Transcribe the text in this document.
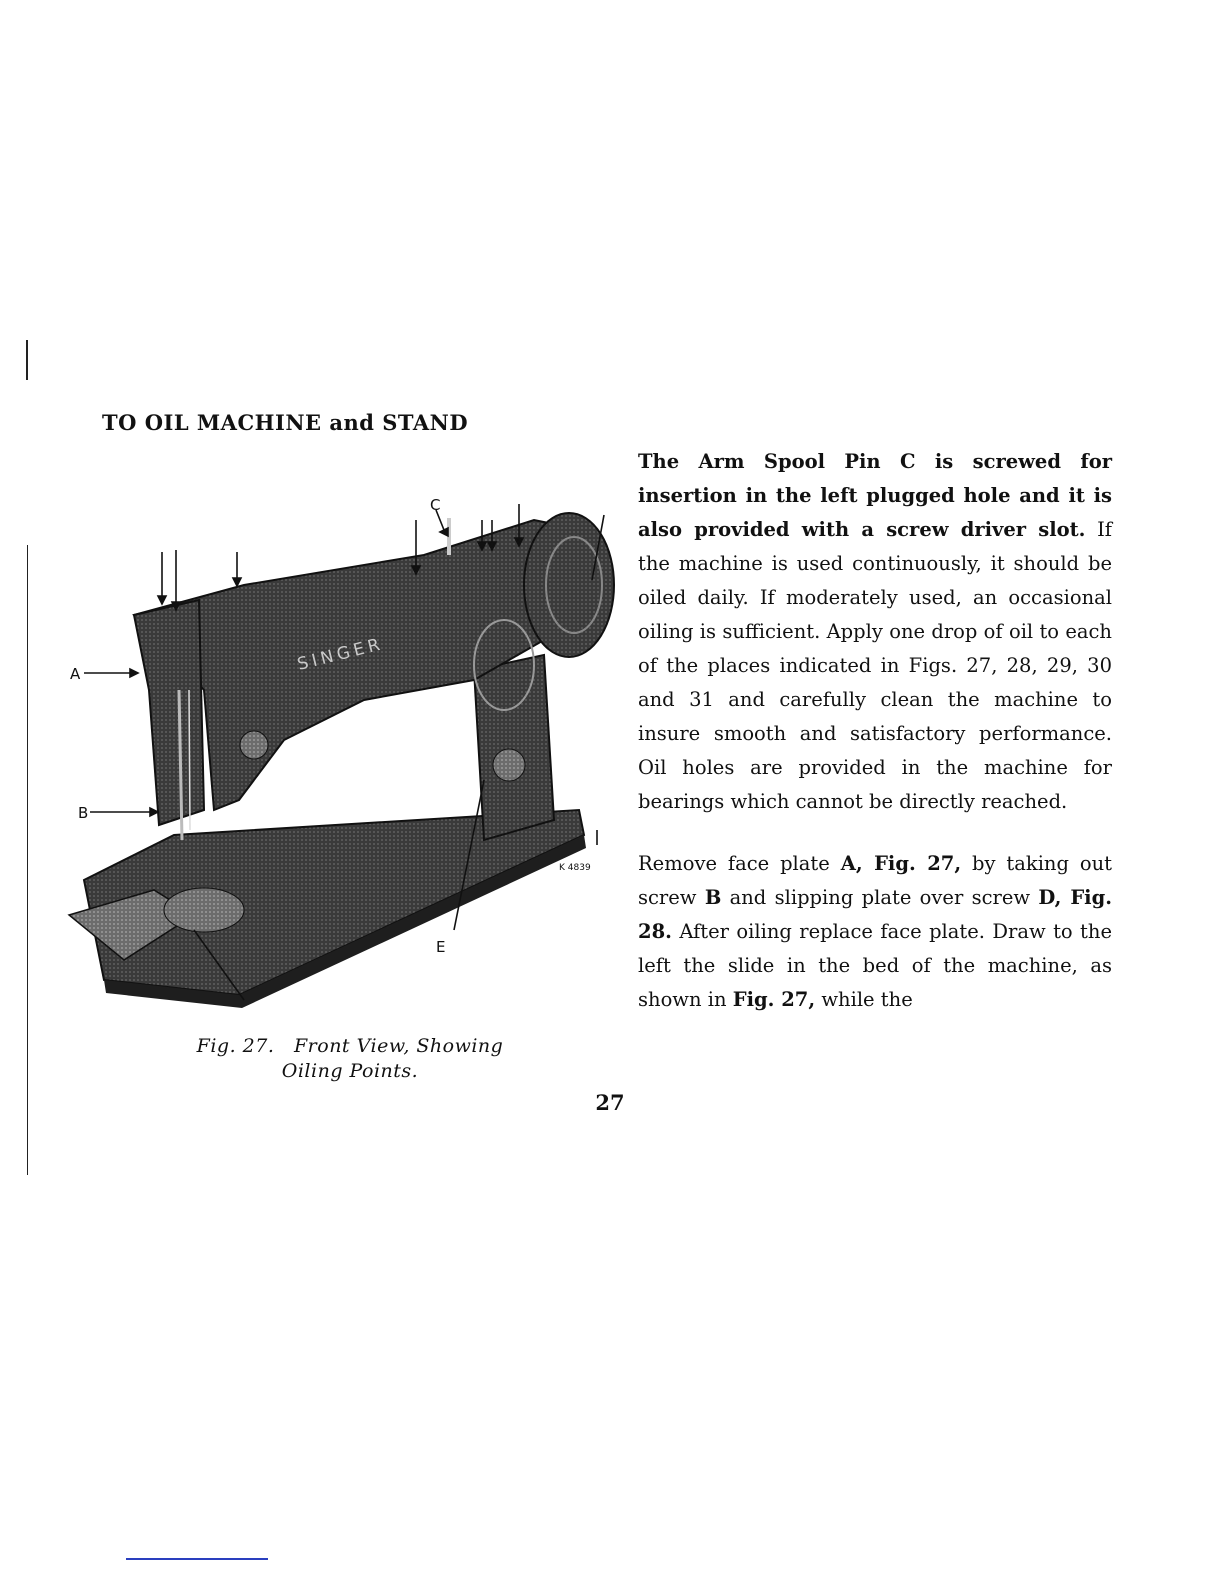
TO OIL MACHINE and STAND
SINGER
A
B
C
E
K 4839
Fig. 27.   Front View, Showing
Oiling Points.
27

The Arm Spool Pin C is screwed for insertion in the left plugged hole and it is also provided with a screw driver slot. If the machine is used continuously, it should be oiled daily. If moderately used, an occasional oiling is sufficient. Apply one drop of oil to each of the places indicated in Figs. 27, 28, 29, 30 and 31 and carefully clean the machine to insure smooth and satisfactory performance. Oil holes are provided in the machine for bearings which cannot be directly reached.

Remove face plate A, Fig. 27, by taking out screw B and slipping plate over screw D, Fig. 28. After oiling replace face plate. Draw to the left the slide in the bed of the machine, as shown in Fig. 27, while the
